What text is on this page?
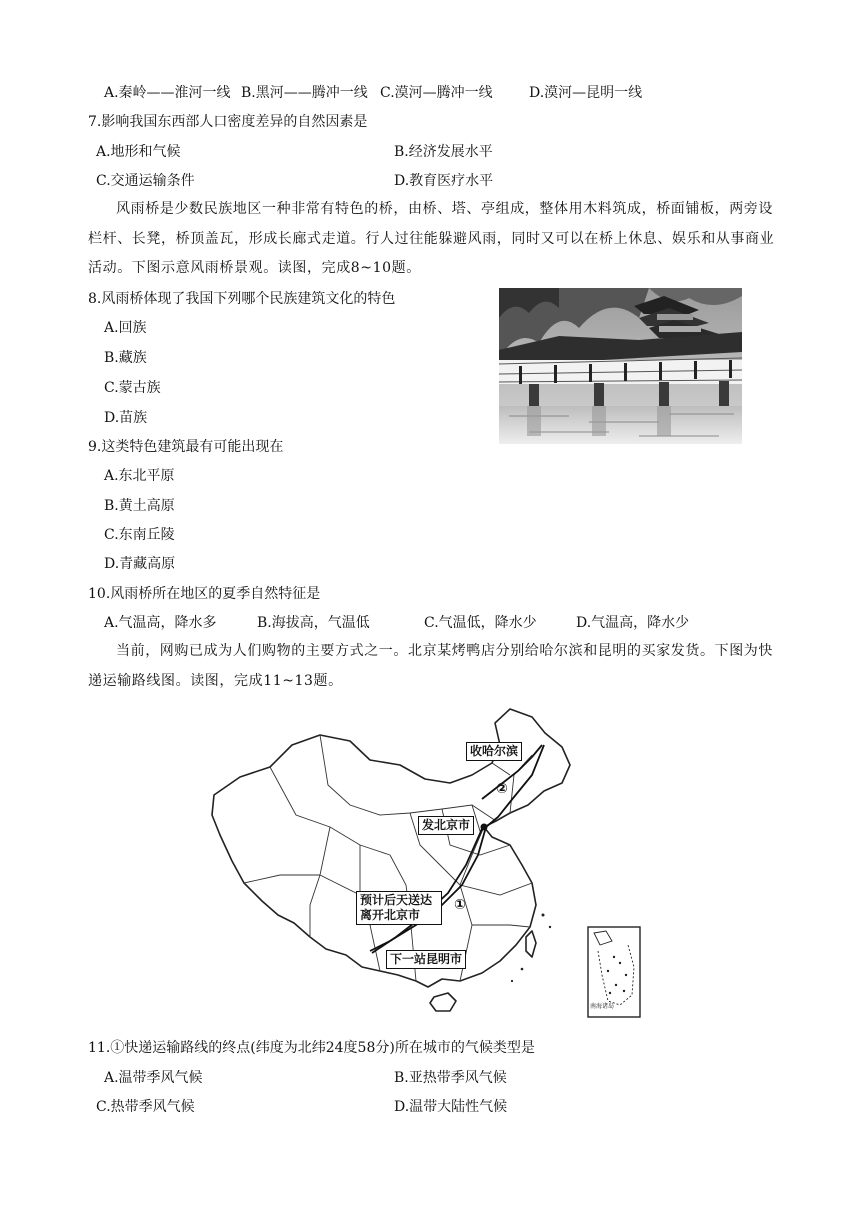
A.秦岭——淮河一线 B.黑河——腾冲一线 C.漠河—腾冲一线	D.漠河—昆明一线
7.影响我国东西部人口密度差异的自然因素是
A.地形和气候	B.经济发展水平
C.交通运输条件	D.教育医疗水平
风雨桥是少数民族地区一种非常有特色的桥，由桥、塔、亭组成，整体用木料筑成，桥面铺板，两旁设栏杆、长凳，桥顶盖瓦，形成长廊式走道。行人过往能躲避风雨，同时又可以在桥上休息、娱乐和从事商业活动。下图示意风雨桥景观。读图，完成8~10题。
8.风雨桥体现了我国下列哪个民族建筑文化的特色
A.回族
B.藏族
C.蒙古族
D.苗族
9.这类特色建筑最有可能出现在
A.东北平原
B.黄土高原
C.东南丘陵
D.青藏高原
10.风雨桥所在地区的夏季自然特征是
A.气温高，降水多	B.海拔高，气温低	C.气温低，降水少	D.气温高，降水少
当前，网购已成为人们购物的主要方式之一。北京某烤鸭店分别给哈尔滨和昆明的买家发货。下图为快递运输路线图。读图，完成11~13题。
收哈尔滨
发北京市
预计后天送达离开北京市
下一站昆明市
①
②
南海诸岛
11.①快递运输路线的终点(纬度为北纬24度58分)所在城市的气候类型是
A.温带季风气候	B.亚热带季风气候
C.热带季风气候	D.温带大陆性气候
